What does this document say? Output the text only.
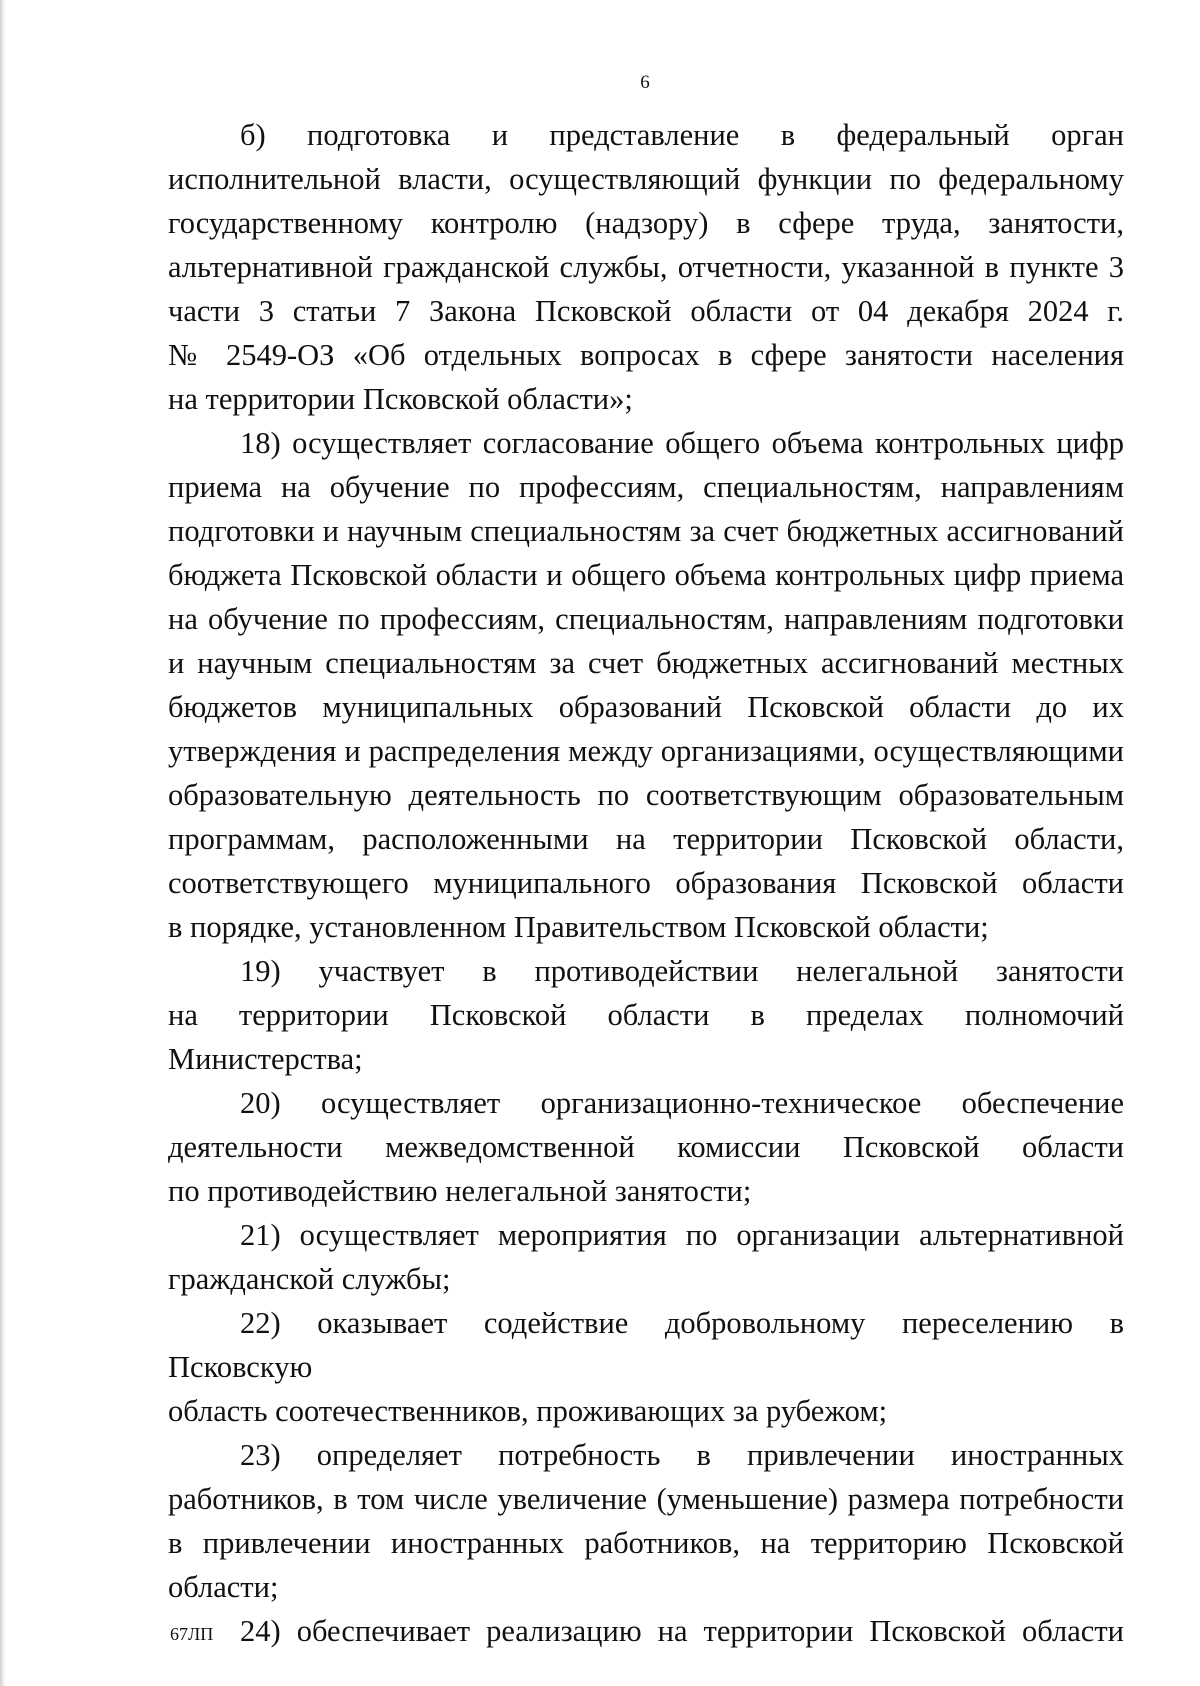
6
б) подготовка и представление в федеральный орган
исполнительной власти, осуществляющий функции по федеральному
государственному контролю (надзору) в сфере труда, занятости,
альтернативной гражданской службы, отчетности, указанной в пункте 3
части 3 статьи 7 Закона Псковской области от 04 декабря 2024 г.
№ 2549-ОЗ «Об отдельных вопросах в сфере занятости населения
на территории Псковской области»;
18) осуществляет согласование общего объема контрольных цифр
приема на обучение по профессиям, специальностям, направлениям
подготовки и научным специальностям за счет бюджетных ассигнований
бюджета Псковской области и общего объема контрольных цифр приема
на обучение по профессиям, специальностям, направлениям подготовки
и научным специальностям за счет бюджетных ассигнований местных
бюджетов муниципальных образований Псковской области до их
утверждения и распределения между организациями, осуществляющими
образовательную деятельность по соответствующим образовательным
программам, расположенными на территории Псковской области,
соответствующего муниципального образования Псковской области
в порядке, установленном Правительством Псковской области;
19) участвует в противодействии нелегальной занятости
на территории Псковской области в пределах полномочий Министерства;
20) осуществляет организационно-техническое обеспечение
деятельности межведомственной комиссии Псковской области
по противодействию нелегальной занятости;
21) осуществляет мероприятия по организации альтернативной
гражданской службы;
22) оказывает содействие добровольному переселению в Псковскую
область соотечественников, проживающих за рубежом;
23) определяет потребность в привлечении иностранных
работников, в том числе увеличение (уменьшение) размера потребности
в привлечении иностранных работников, на территорию Псковской
области;
24) обеспечивает реализацию на территории Псковской области
67ЛП
